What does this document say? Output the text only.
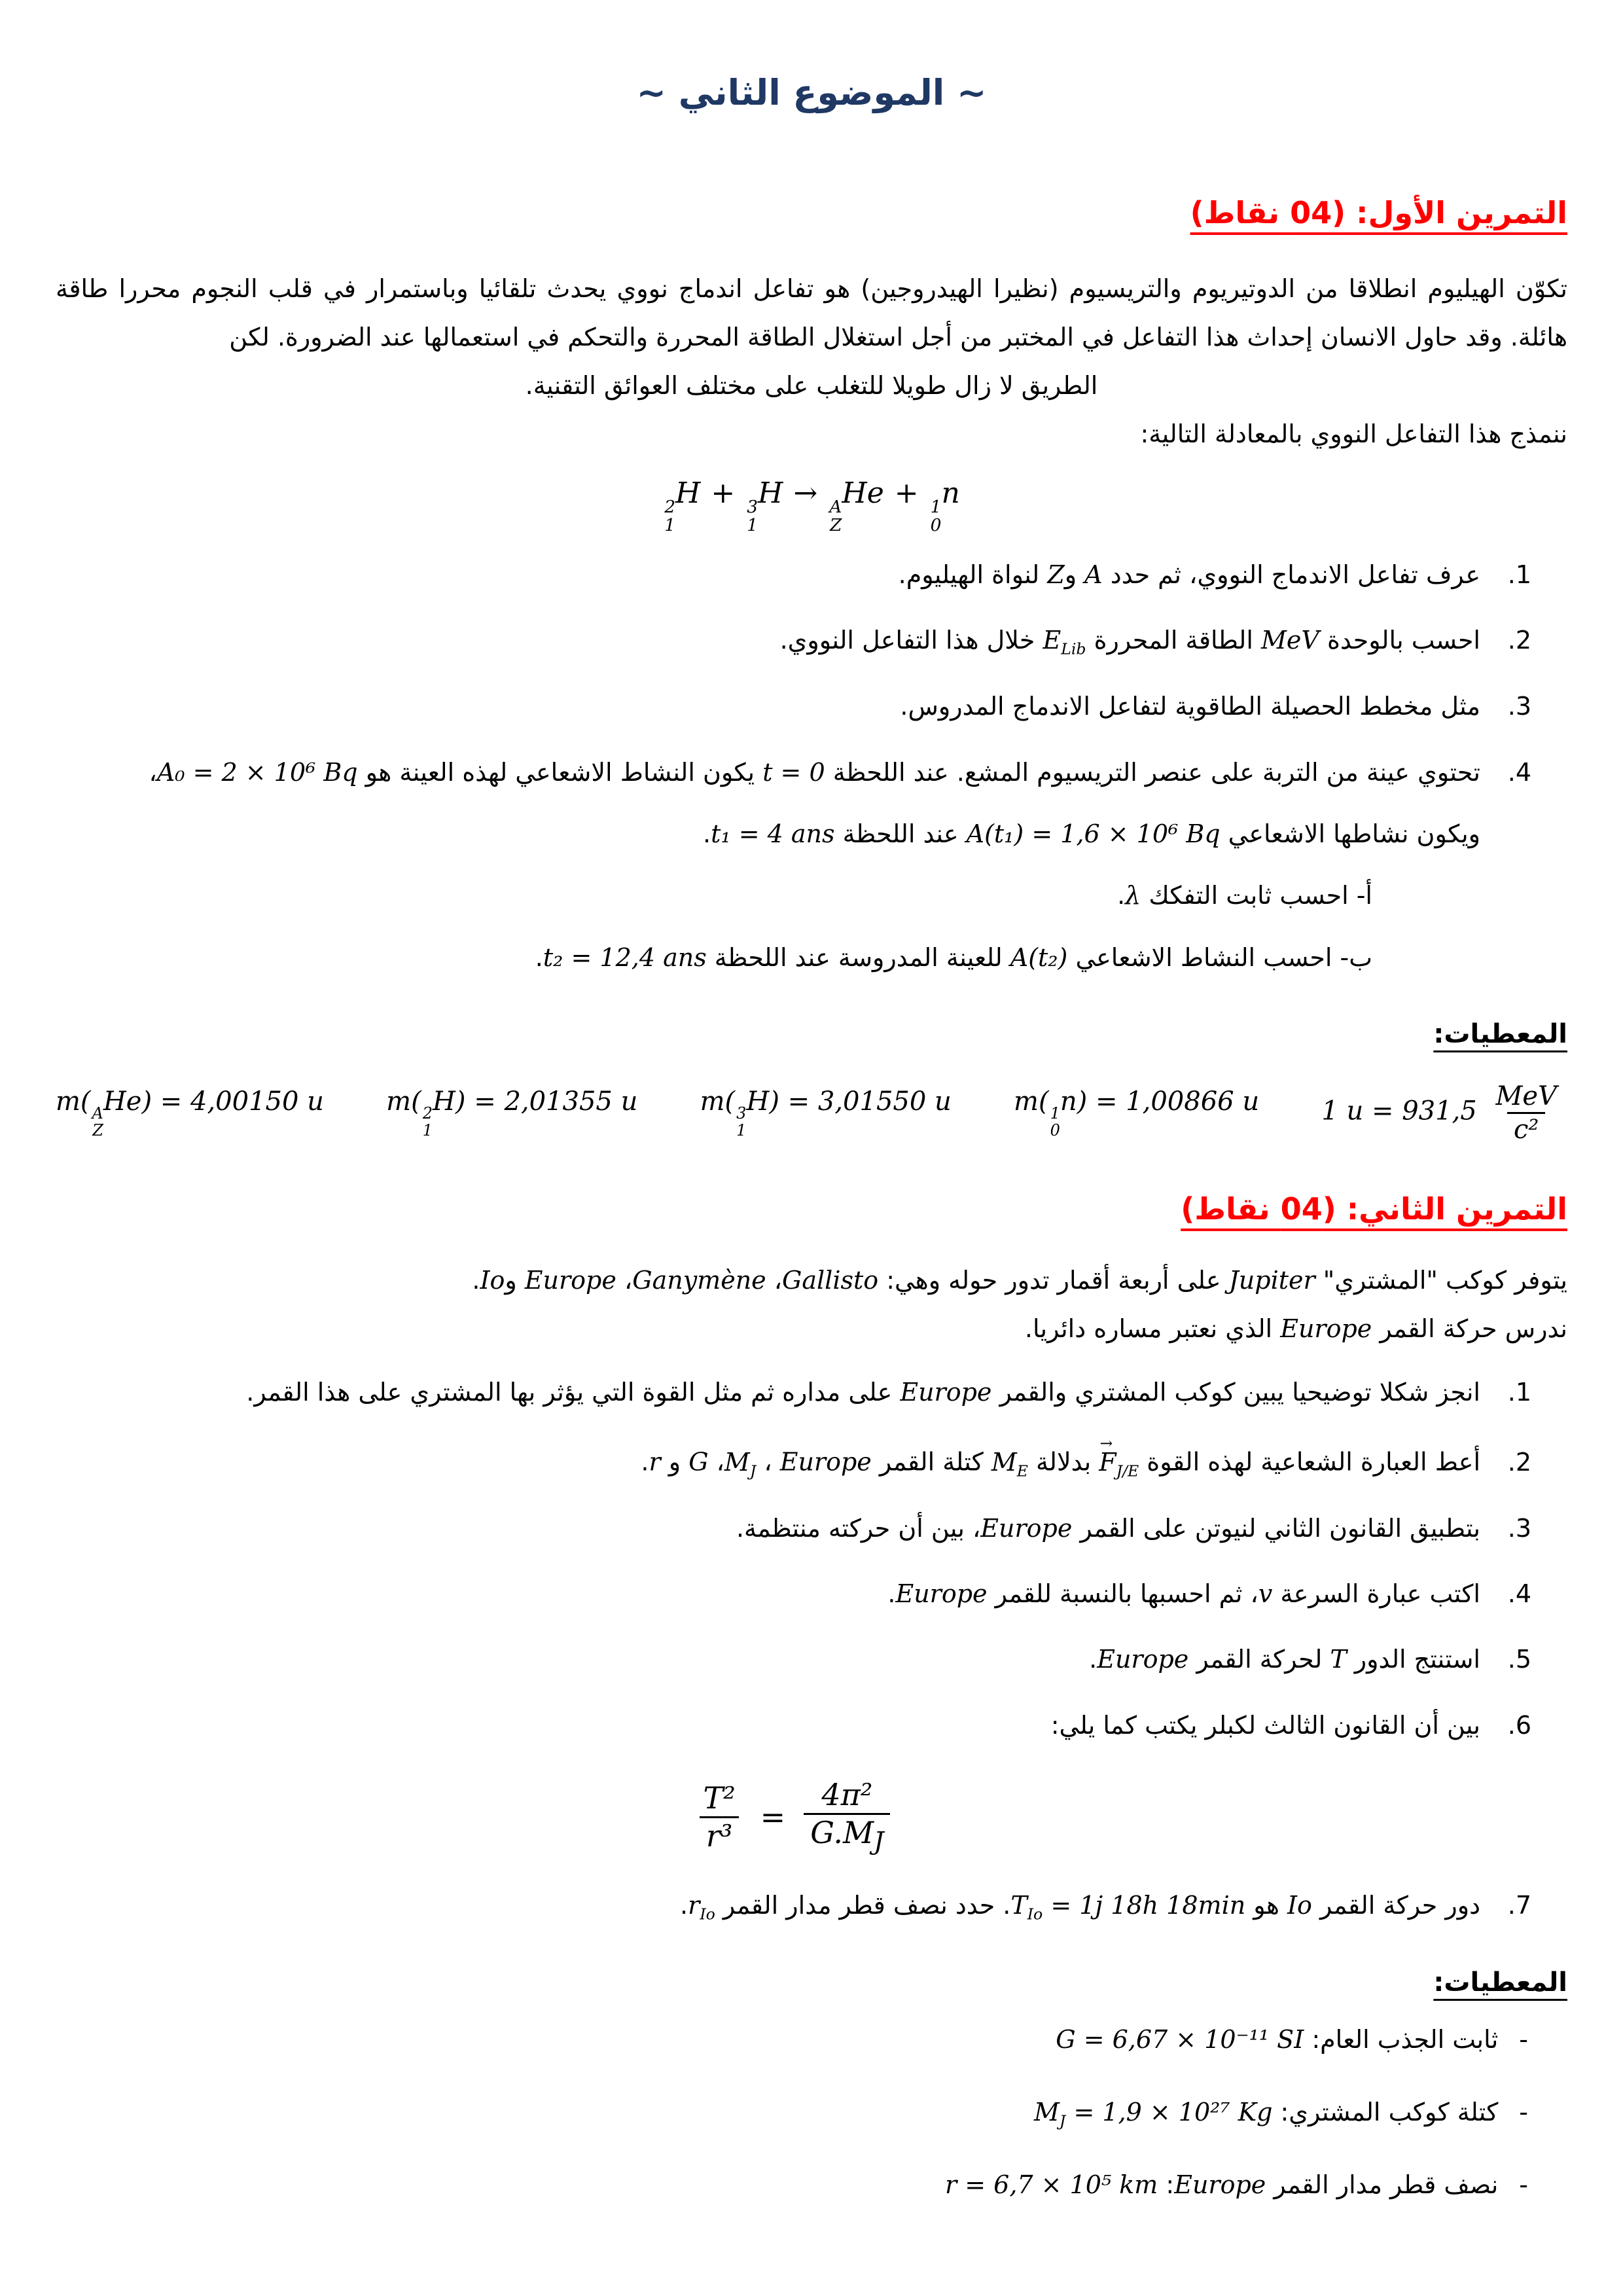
~ الموضوع الثاني ~
التمرين الأول: (04 نقاط)
تكوّن الهيليوم انطلاقا من الدوتيريوم والتريسيوم (نظيرا الهيدروجين) هو تفاعل اندماج نووي يحدث تلقائيا وباستمرار في قلب النجوم محررا طاقة هائلة. وقد حاول الانسان إحداث هذا التفاعل في المختبر من أجل استغلال الطاقة المحررة والتحكم في استعمالها عند الضرورة. لكن
الطريق لا زال طويلا للتغلب على مختلف العوائق التقنية.
ننمذج هذا التفاعل النووي بالمعادلة التالية:
2
1
H + 3
1
H → A
Z
He + 1
0
n
1.
عرف تفاعل الاندماج النووي، ثم حدد A وZ لنواة الهيليوم.
2.
احسب بالوحدة MeV الطاقة المحررة $E_{Lib}$ خلال هذا التفاعل النووي.
3.
مثل مخطط الحصيلة الطاقوية لتفاعل الاندماج المدروس.
4.
تحتوي عينة من التربة على عنصر التريسيوم المشع. عند اللحظة t = 0 يكون النشاط الاشعاعي لهذه العينة هو A₀ = 2 × 10⁶ Bq،
ويكون نشاطها الاشعاعي A(t₁) = 1,6 × 10⁶ Bq عند اللحظة t₁ = 4 ans.
أ- احسب ثابت التفكك λ.
ب- احسب النشاط الاشعاعي A(t₂) للعينة المدروسة عند اللحظة t₂ = 12,4 ans.
المعطيات:
m( A
Z
He) = 4,00150 u m( 2
1
H) = 2,01355 u m( 3
1
H) = 3,01550 u m( 1
0
n) = 1,00866 u 1 $u = 931,5 \frac{\text{MeV}}{\text{c²}}$
التمرين الثاني: (04 نقاط)
يتوفر كوكب "المشتري" Jupiter على أربعة أقمار تدور حوله وهي: Gallisto، Ganymène، Europe وIo.
ندرس حركة القمر Europe الذي نعتبر مساره دائريا.
1.
انجز شكلا توضيحيا يبين كوكب المشتري والقمر Europe على مداره ثم مثل القوة التي يؤثر بها المشتري على هذا القمر.
2.
أعط العبارة الشعاعية لهذه القوة
→
$F_{J/E}$ بدلالة $M_E$ كتلة القمر Europe ، $M_J،$ G و r.
3.
بتطبيق القانون الثاني لنيوتن على القمر Europe، بين أن حركته منتظمة.
4.
اكتب عبارة السرعة v، ثم احسبها بالنسبة للقمر Europe.
5.
استنتج الدور T لحركة القمر Europe.
6.
بين أن القانون الثالث لكبلر يكتب كما يلي:
$\frac{\text{T²}}{\text{r³}} = \frac{\text{4π²}}{G.M_J}$
7.
دور حركة القمر Io هو $T_{Io} = 1j$ 18h 18min. حدد نصف قطر مدار القمر $r_{Io}$.
المعطيات:
-
ثابت الجذب العام: G = 6,67 × 10⁻¹¹ SI
-
كتلة كوكب المشتري: $M_J = 1,9 \times 10^{27}$ Kg
-
نصف قطر مدار القمر Europe: r = 6,7 × 10⁵ km
